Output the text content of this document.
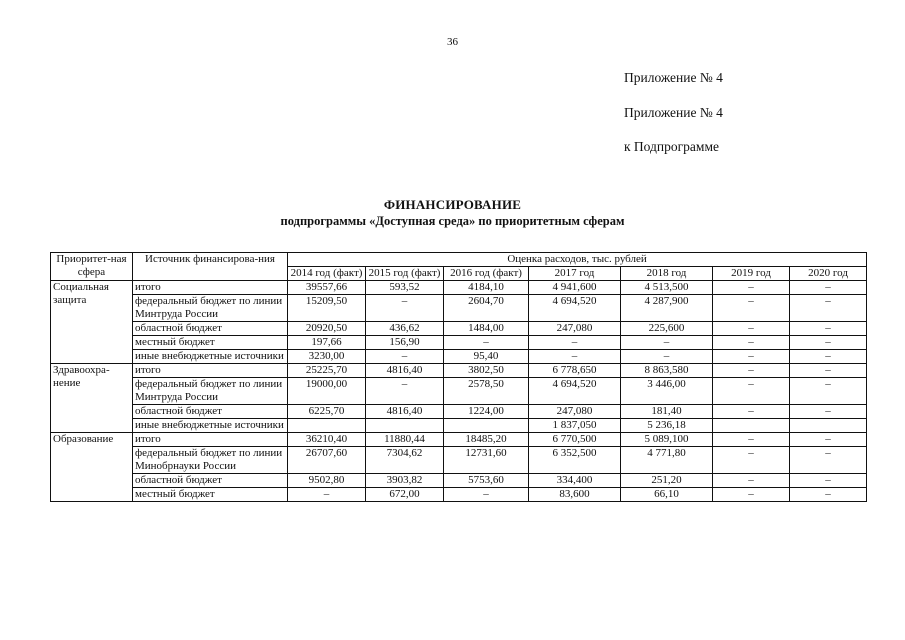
36
Приложение № 4
Приложение № 4
к Подпрограмме
ФИНАНСИРОВАНИЕ
подпрограммы «Доступная среда» по приоритетным сферам
Приоритет-ная сфера	Источник финансирова-ния	Оценка расходов, тыс. рублей						
		2014 год (факт)	2015 год (факт)	2016 год (факт)	2017 год	2018 год	2019 год	2020 год
Социальная защита	итого	39557,66	593,52	4184,10	4 941,600	4 513,500	–	–
	федеральный бюджет по линии Минтруда России	15209,50	–	2604,70	4 694,520	4 287,900	–	–
	областной бюджет	20920,50	436,62	1484,00	247,080	225,600	–	–
	местный бюджет	197,66	156,90	–	–	–	–	–
	иные внебюджетные источники	3230,00	–	95,40	–	–	–	–
Здравоохра-нение	итого	25225,70	4816,40	3802,50	6 778,650	8 863,580	–	–
	федеральный бюджет по линии Минтруда России	19000,00	–	2578,50	4 694,520	3 446,00	–	–
	областной бюджет	6225,70	4816,40	1224,00	247,080	181,40	–	–
	иные внебюджетные источники				1 837,050	5 236,18		
Образование	итого	36210,40	11880,44	18485,20	6 770,500	5 089,100	–	–
	федеральный бюджет по линии Минобрнауки России	26707,60	7304,62	12731,60	6 352,500	4 771,80	–	–
	областной бюджет	9502,80	3903,82	5753,60	334,400	251,20	–	–
	местный бюджет	–	672,00	–	83,600	66,10	–	–
